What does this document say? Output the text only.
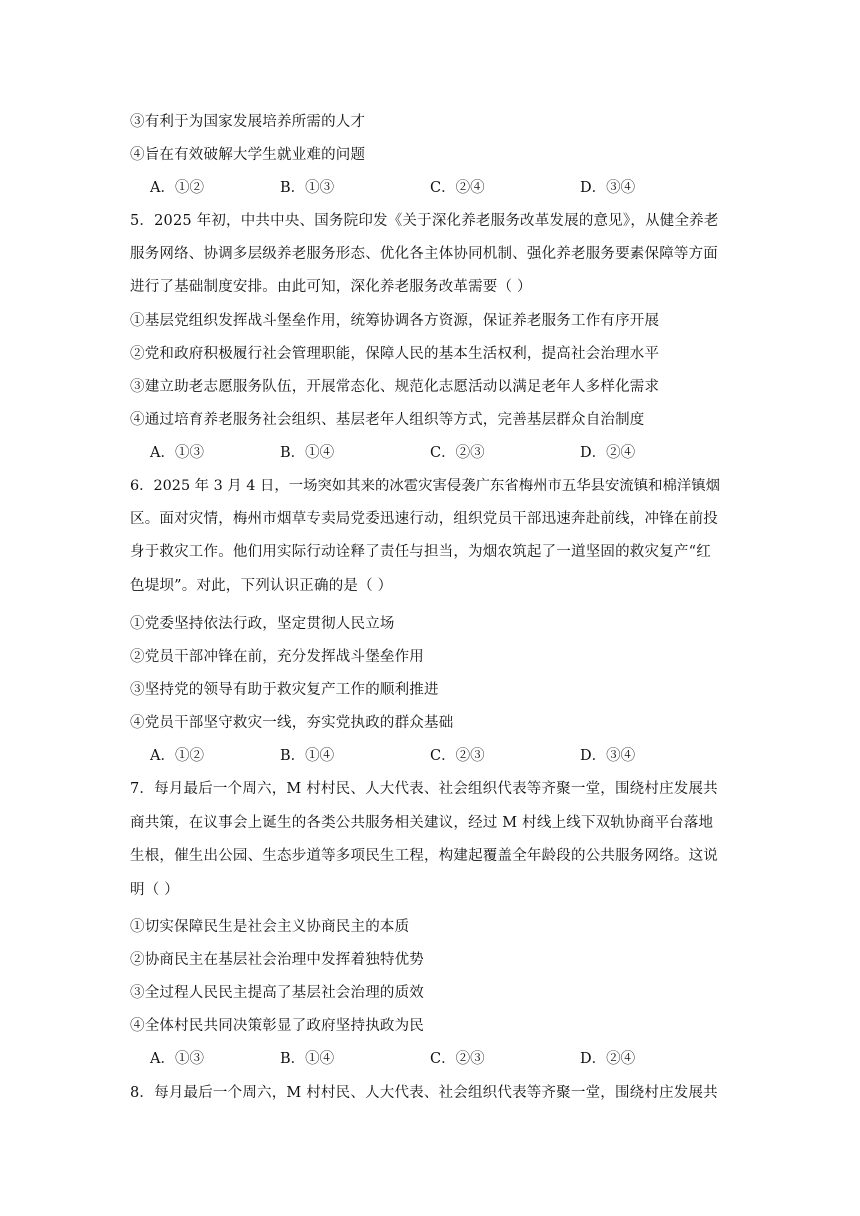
③有利于为国家发展培养所需的人才
④旨在有效破解大学生就业难的问题
A．①②	B．①③	C．②④	D．③④
5．2025 年初，中共中央、国务院印发《关于深化养老服务改革发展的意见》，从健全养老
服务网络、协调多层级养老服务形态、优化各主体协同机制、强化养老服务要素保障等方面
进行了基础制度安排。由此可知，深化养老服务改革需要（ ）
①基层党组织发挥战斗堡垒作用，统筹协调各方资源，保证养老服务工作有序开展
②党和政府积极履行社会管理职能，保障人民的基本生活权利，提高社会治理水平
③建立助老志愿服务队伍，开展常态化、规范化志愿活动以满足老年人多样化需求
④通过培育养老服务社会组织、基层老年人组织等方式，完善基层群众自治制度
A．①③	B．①④	C．②③	D．②④
6．2025 年 3 月 4 日，一场突如其来的冰雹灾害侵袭广东省梅州市五华县安流镇和棉洋镇烟
区。面对灾情，梅州市烟草专卖局党委迅速行动，组织党员干部迅速奔赴前线，冲锋在前投
身于救灾工作。他们用实际行动诠释了责任与担当，为烟农筑起了一道坚固的救灾复产“红
色堤坝”。对此，下列认识正确的是（ ）
①党委坚持依法行政，坚定贯彻人民立场
②党员干部冲锋在前，充分发挥战斗堡垒作用
③坚持党的领导有助于救灾复产工作的顺利推进
④党员干部坚守救灾一线，夯实党执政的群众基础
A．①②	B．①④	C．②③	D．③④
7．每月最后一个周六，M 村村民、人大代表、社会组织代表等齐聚一堂，围绕村庄发展共
商共策，在议事会上诞生的各类公共服务相关建议，经过 M 村线上线下双轨协商平台落地
生根，催生出公园、生态步道等多项民生工程，构建起覆盖全年龄段的公共服务网络。这说
明（ ）
①切实保障民生是社会主义协商民主的本质
②协商民主在基层社会治理中发挥着独特优势
③全过程人民民主提高了基层社会治理的质效
④全体村民共同决策彰显了政府坚持执政为民
A．①③	B．①④	C．②③	D．②④
8．每月最后一个周六，M 村村民、人大代表、社会组织代表等齐聚一堂，围绕村庄发展共
